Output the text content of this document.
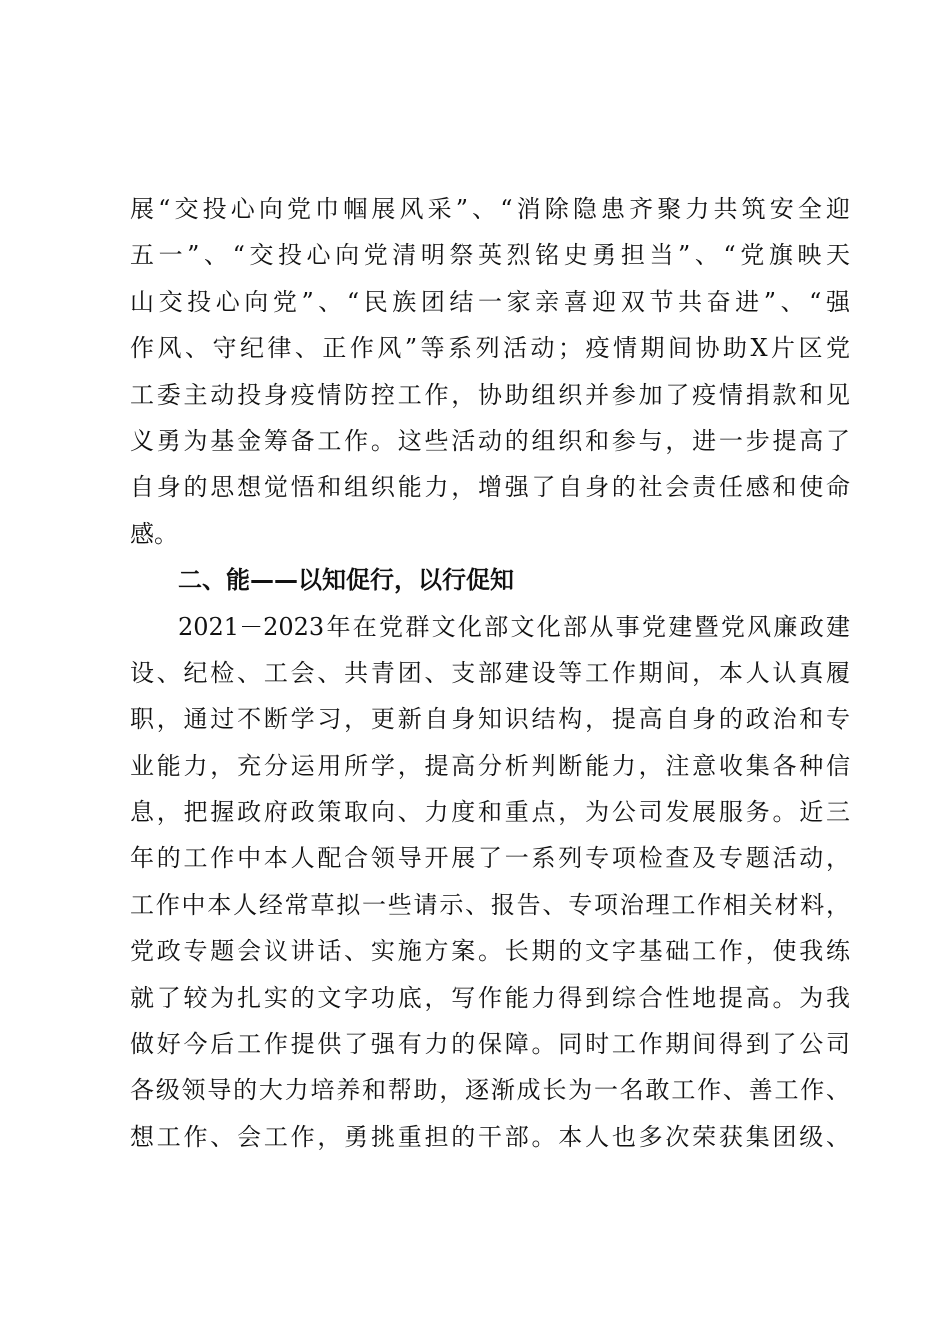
展“交投心向党巾帼展风采”、“消除隐患齐聚力共筑安全迎
五一”、“交投心向党清明祭英烈铭史勇担当”、“党旗映天
山交投心向党”、“民族团结一家亲喜迎双节共奋进”、“强
作风、守纪律、正作风”等系列活动；疫情期间协助X片区党
工委主动投身疫情防控工作，协助组织并参加了疫情捐款和见
义勇为基金筹备工作。这些活动的组织和参与，进一步提高了
自身的思想觉悟和组织能力，增强了自身的社会责任感和使命
感。
二、能——以知促行，以行促知
2021－2023年在党群文化部文化部从事党建暨党风廉政建
设、纪检、工会、共青团、支部建设等工作期间，本人认真履
职，通过不断学习，更新自身知识结构，提高自身的政治和专
业能力，充分运用所学，提高分析判断能力，注意收集各种信
息，把握政府政策取向、力度和重点，为公司发展服务。近三
年的工作中本人配合领导开展了一系列专项检查及专题活动，
工作中本人经常草拟一些请示、报告、专项治理工作相关材料，
党政专题会议讲话、实施方案。长期的文字基础工作，使我练
就了较为扎实的文字功底，写作能力得到综合性地提高。为我
做好今后工作提供了强有力的保障。同时工作期间得到了公司
各级领导的大力培养和帮助，逐渐成长为一名敢工作、善工作、
想工作、会工作，勇挑重担的干部。本人也多次荣获集团级、
